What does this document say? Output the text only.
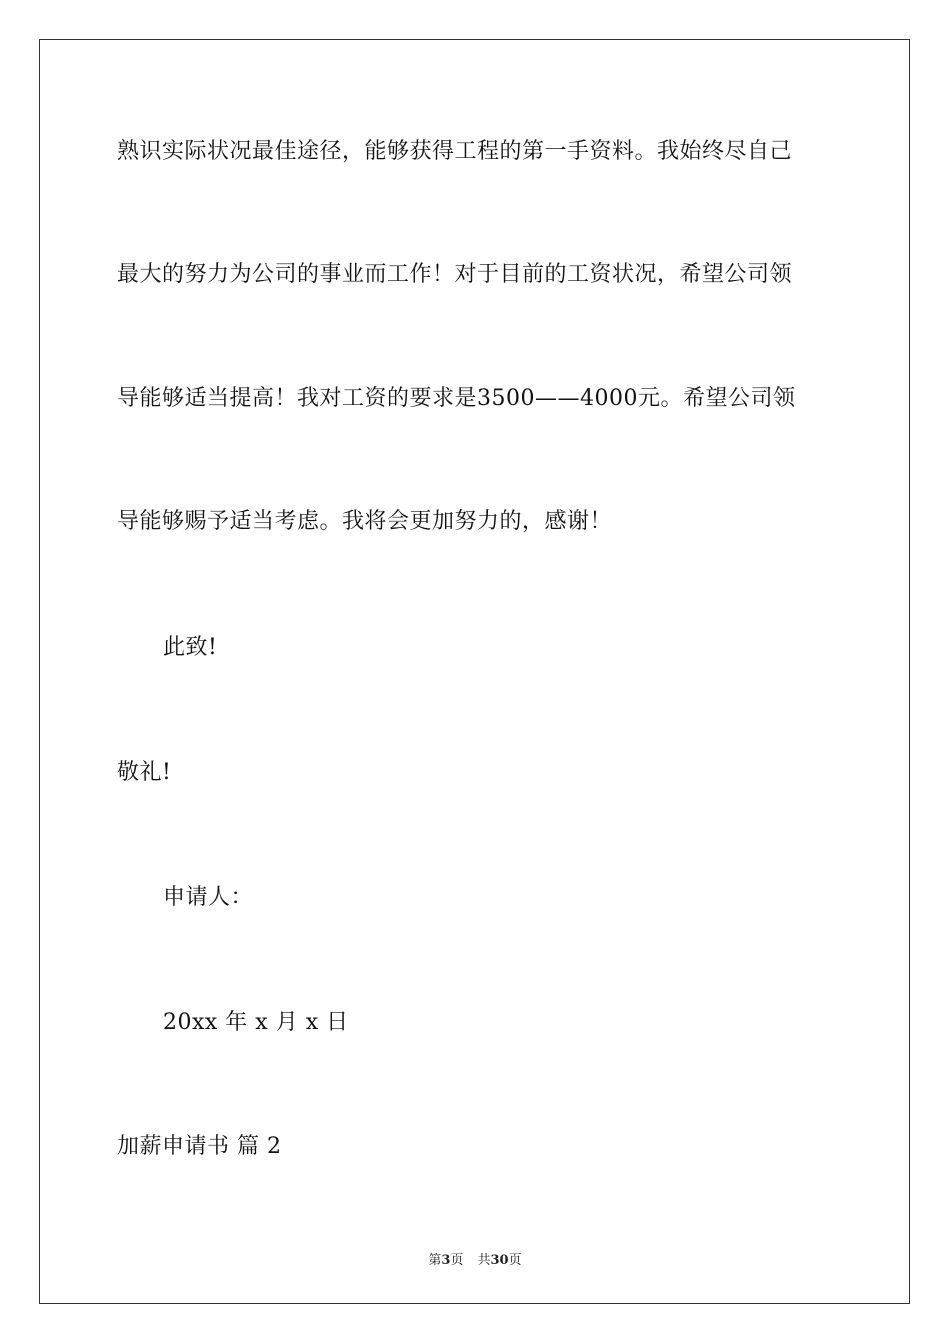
熟识实际状况最佳途径，能够获得工程的第一手资料。我始终尽自己
最大的努力为公司的事业而工作！对于目前的工资状况，希望公司领
导能够适当提高！我对工资的要求是3500——4000元。希望公司领
导能够赐予适当考虑。我将会更加努力的，感谢！
此致!
敬礼!
申请人：
20xx 年 x 月 x 日
加薪申请书 篇 2
第3页 共30页
